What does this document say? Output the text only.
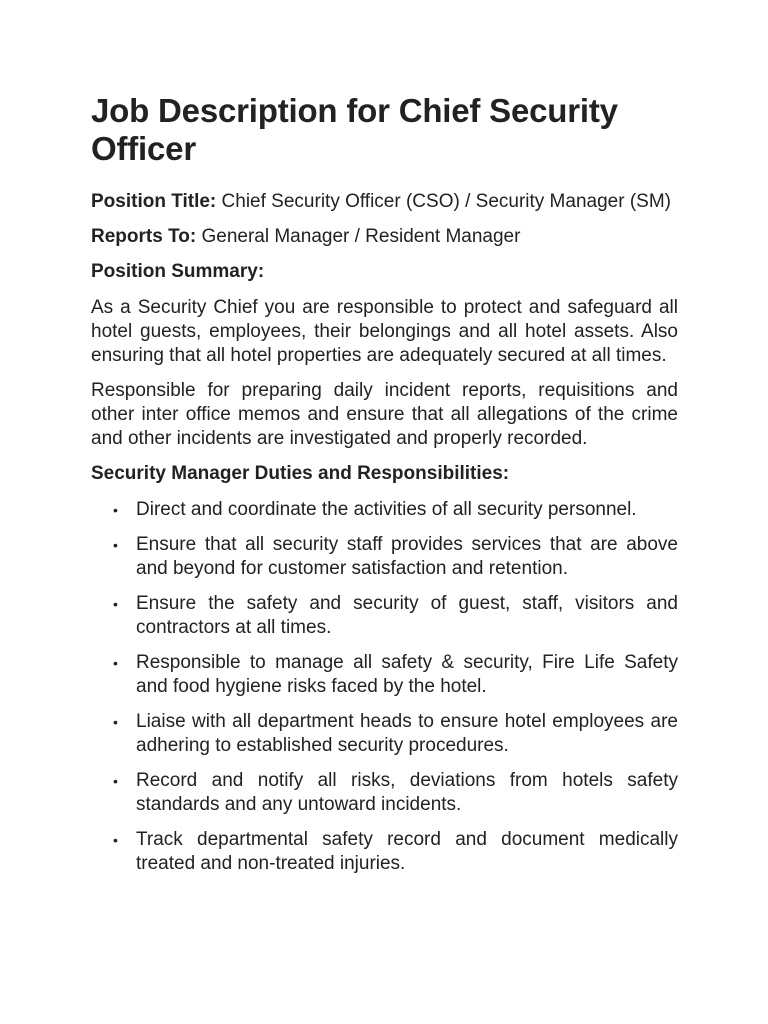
Job Description for Chief Security Officer

Position Title: Chief Security Officer (CSO) / Security Manager (SM)

Reports To: General Manager / Resident Manager

Position Summary:

As a Security Chief you are responsible to protect and safeguard all hotel guests, employees, their belongings and all hotel assets. Also ensuring that all hotel properties are adequately secured at all times.

Responsible for preparing daily incident reports, requisitions and other inter office memos and ensure that all allegations of the crime and other incidents are investigated and properly recorded.

Security Manager Duties and Responsibilities:
• Direct and coordinate the activities of all security personnel.
• Ensure that all security staff provides services that are above and beyond for customer satisfaction and retention.
• Ensure the safety and security of guest, staff, visitors and contractors at all times.
• Responsible to manage all safety & security, Fire Life Safety and food hygiene risks faced by the hotel.
• Liaise with all department heads to ensure hotel employees are adhering to established security procedures.
• Record and notify all risks, deviations from hotels safety standards and any untoward incidents.
• Track departmental safety record and document medically treated and non-treated injuries.
